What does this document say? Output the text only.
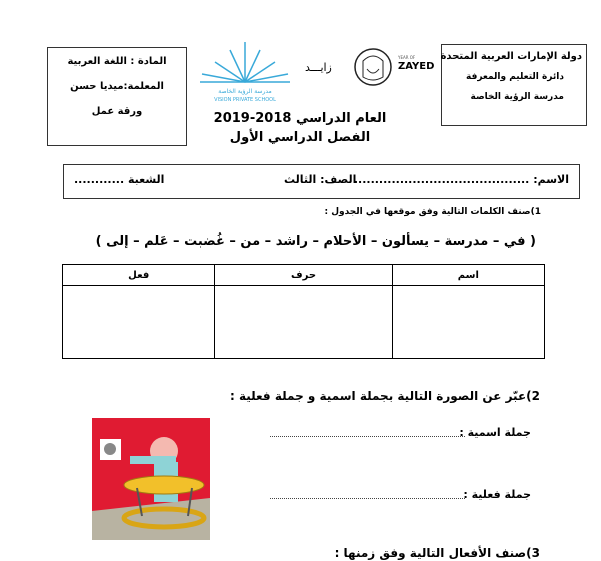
دولة الإمارات العربية المتحدة
دائرة التعليم والمعرفة
مدرسة الرؤية الخاصة
المادة : اللغة العربية
المعلمة:ميديا حسن
ورقة عمل
زايـــد
YEAR OF
ZAYED
مدرسة الرؤية الخاصة
VISION PRIVATE SCHOOL
العام الدراسي 2018-2019
الفصل الدراسي الأول
الاسم: ..........................................
الصف: الثالث
الشعبة ............
1)صنف الكلمات التالية وفق موقعها في الجدول :
( في – مدرسة – يسألون – الأحلام – راشد – من – غُضبت – عَلم – إلى )
اسم	حرف	فعل

2)عبّر عن الصورة التالية بجملة اسمية و جملة فعلية :
جملة اسمية :
جملة فعلية :
3)صنف الأفعال التالية وفق زمنها :
